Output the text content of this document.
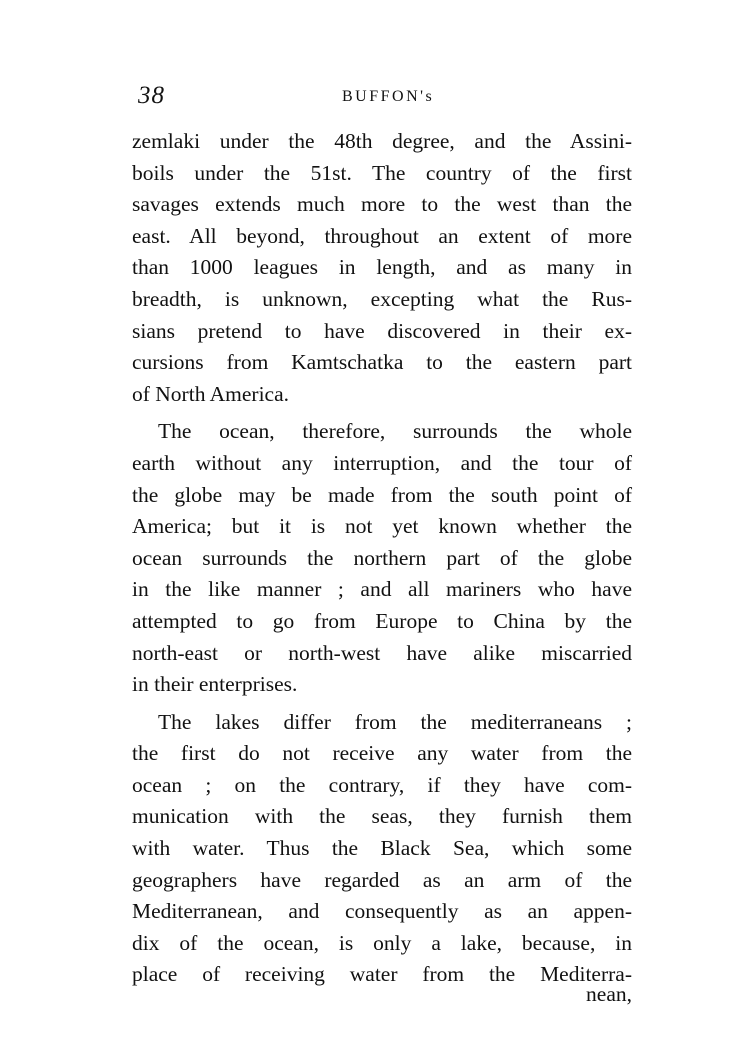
38	BUFFON's
zemlaki under the 48th degree, and the Assini-
boils under the 51st. The country of the first
savages extends much more to the west than the
east. All beyond, throughout an extent of more
than 1000 leagues in length, and as many in
breadth, is unknown, excepting what the Rus-
sians pretend to have discovered in their ex-
cursions from Kamtschatka to the eastern part
of North America.
The ocean, therefore, surrounds the whole
earth without any interruption, and the tour of
the globe may be made from the south point of
America; but it is not yet known whether the
ocean surrounds the northern part of the globe
in the like manner ; and all mariners who have
attempted to go from Europe to China by the
north-east or north-west have alike miscarried
in their enterprises.
The lakes differ from the mediterraneans ;
the first do not receive any water from the
ocean ; on the contrary, if they have com-
munication with the seas, they furnish them
with water. Thus the Black Sea, which some
geographers have regarded as an arm of the
Mediterranean, and consequently as an appen-
dix of the ocean, is only a lake, because, in
place of receiving water from the Mediterra-
nean,
